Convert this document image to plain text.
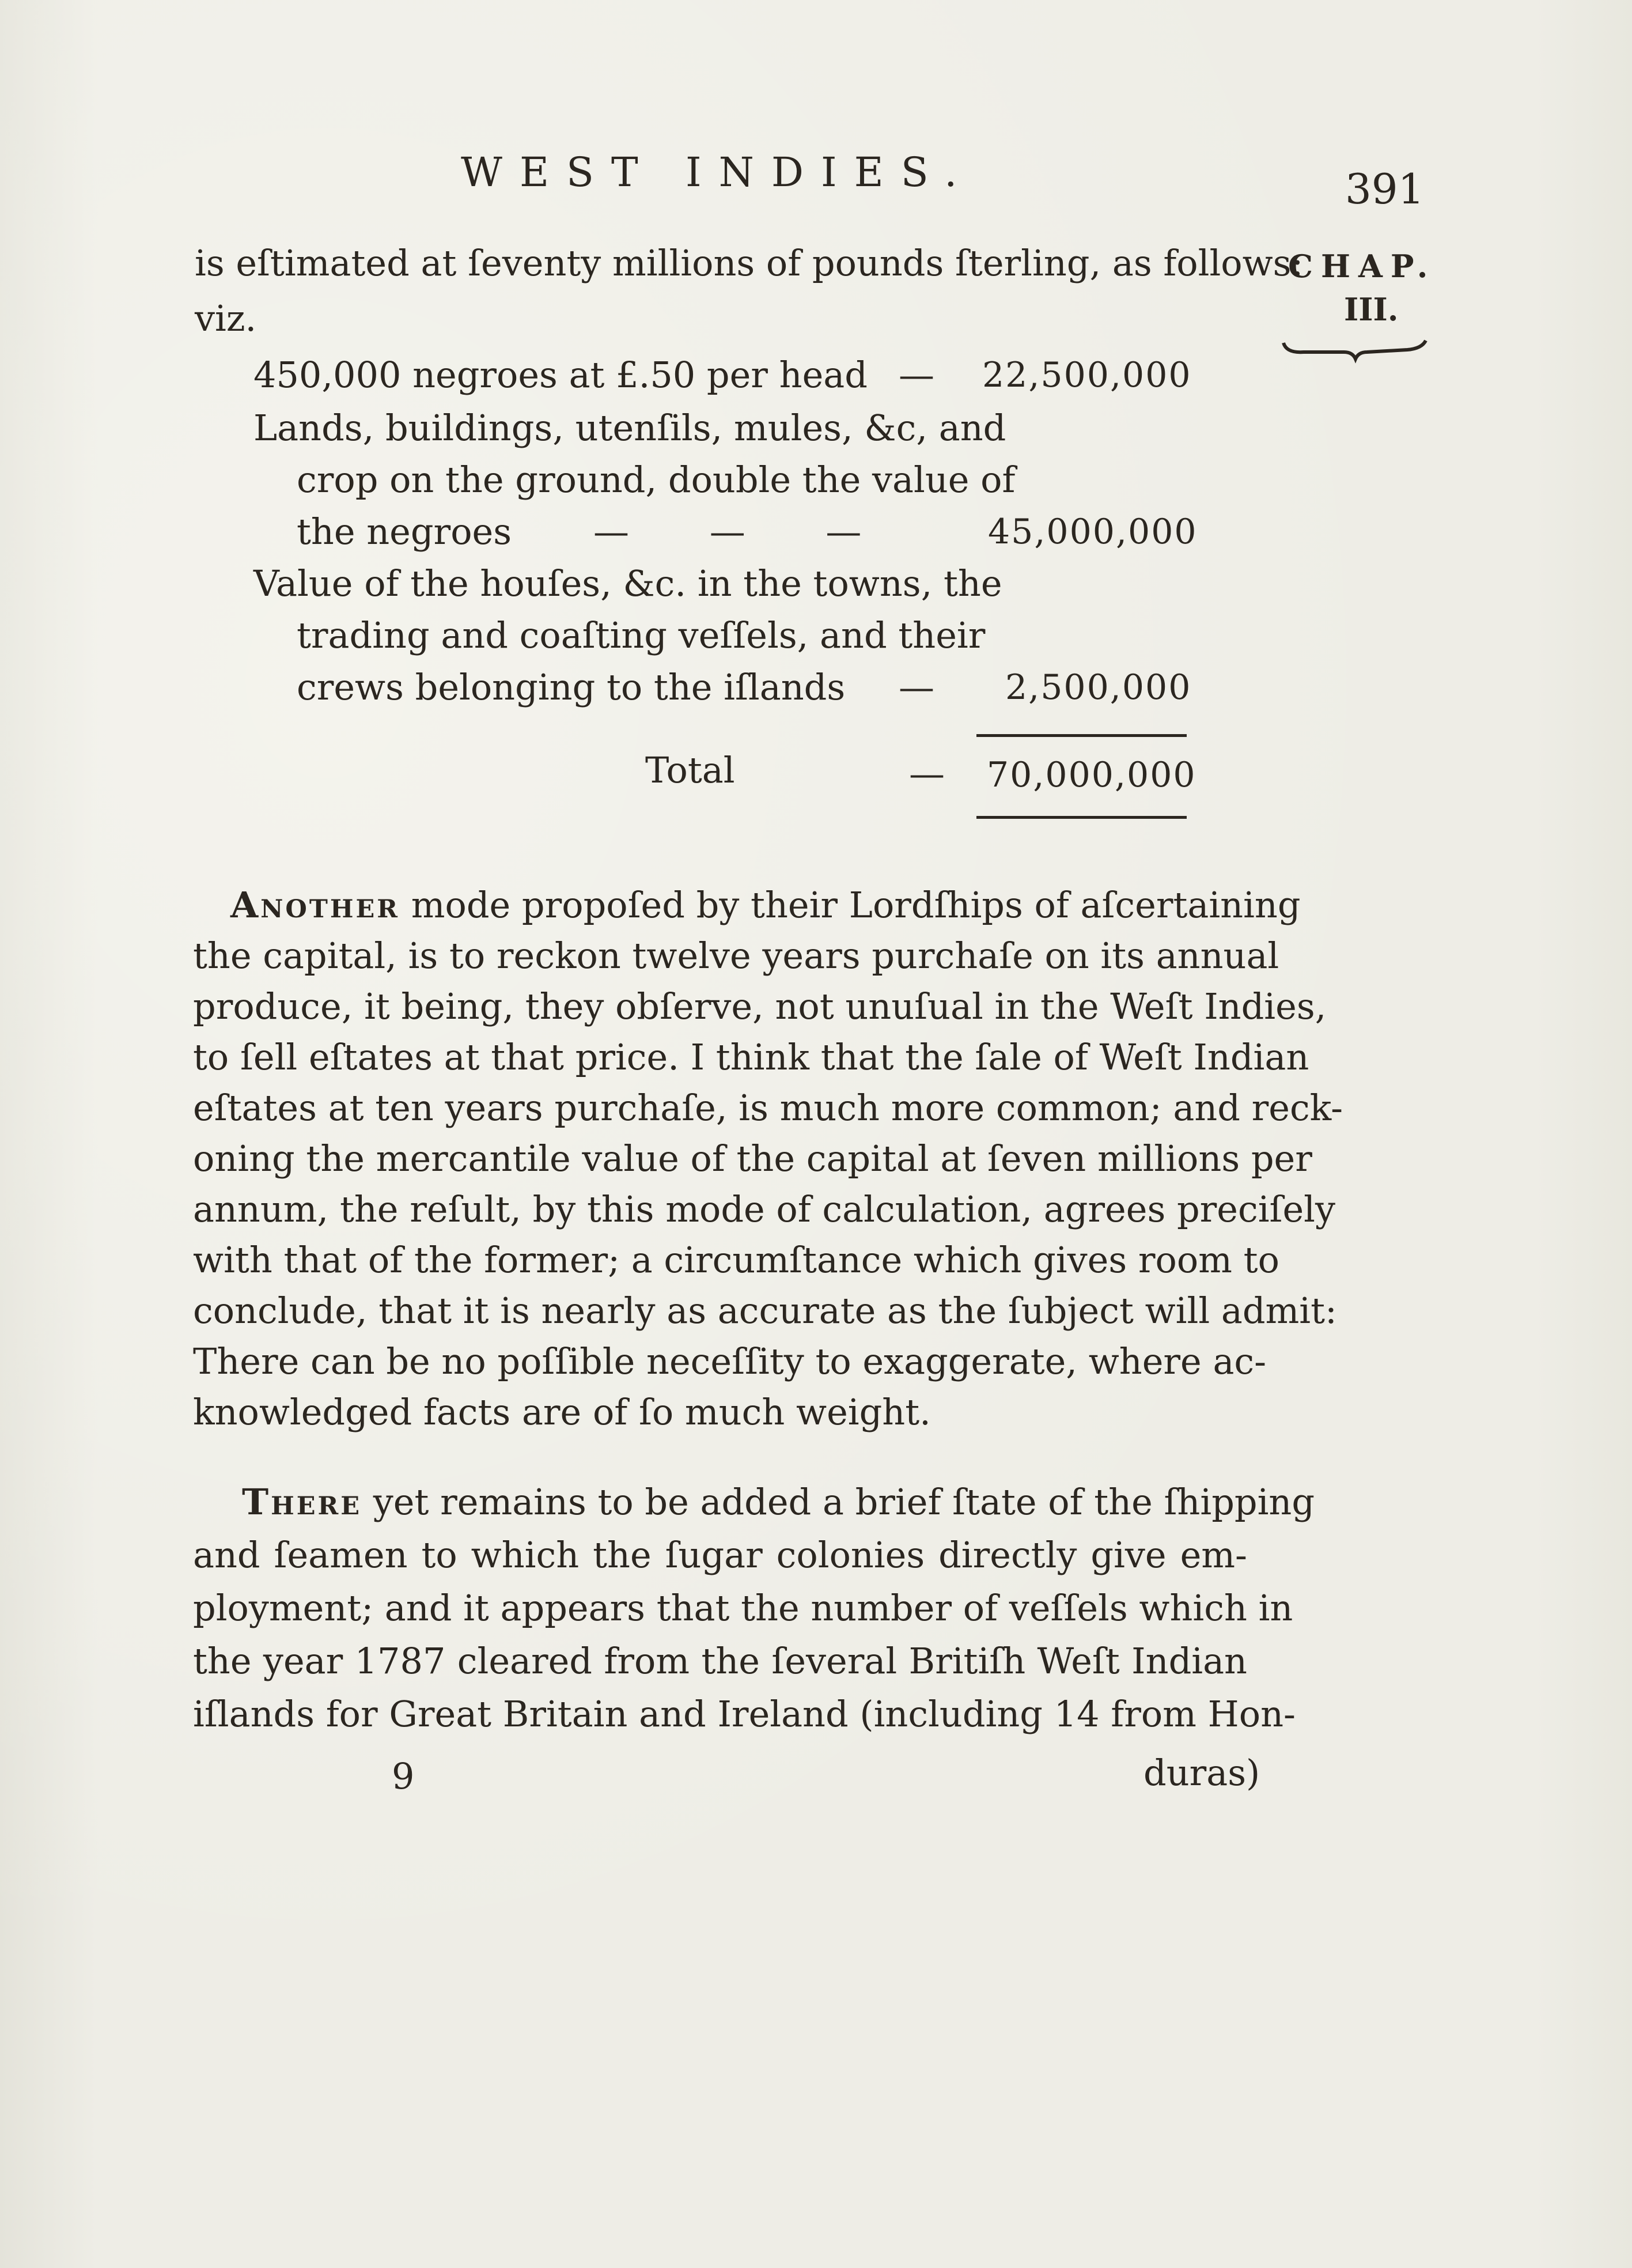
WEST INDIES.	391
CHAP.
III.
is eſtimated at ſeventy millions of pounds ſterling, as follows:
viz.
450,000 negroes at £.50 per head — 22,500,000
Lands, buildings, utenſils, mules, &c, and
crop on the ground, double the value of
the negroes — — —	45,000,000
Value of the houſes, &c. in the towns, the
trading and coaſting veſſels, and their
crews belonging to the iſlands — 2,500,000
Total	— 70,000,000
Another mode propoſed by their Lordſhips of aſcertaining
the capital, is to reckon twelve years purchaſe on its annual
produce, it being, they obſerve, not unuſual in the Weſt Indies,
to ſell eſtates at that price. I think that the ſale of Weſt Indian
eſtates at ten years purchaſe, is much more common; and reck-
oning the mercantile value of the capital at ſeven millions per
annum, the reſult, by this mode of calculation, agrees preciſely
with that of the former; a circumſtance which gives room to
conclude, that it is nearly as accurate as the ſubject will admit:
There can be no poſſible neceſſity to exaggerate, where ac-
knowledged facts are of ſo much weight.
There yet remains to be added a brief ſtate of the ſhipping
and ſeamen to which the ſugar colonies directly give em-
ployment; and it appears that the number of veſſels which in
the year 1787 cleared from the ſeveral Britiſh Weſt Indian
iſlands for Great Britain and Ireland (including 14 from Hon-
9	duras)
